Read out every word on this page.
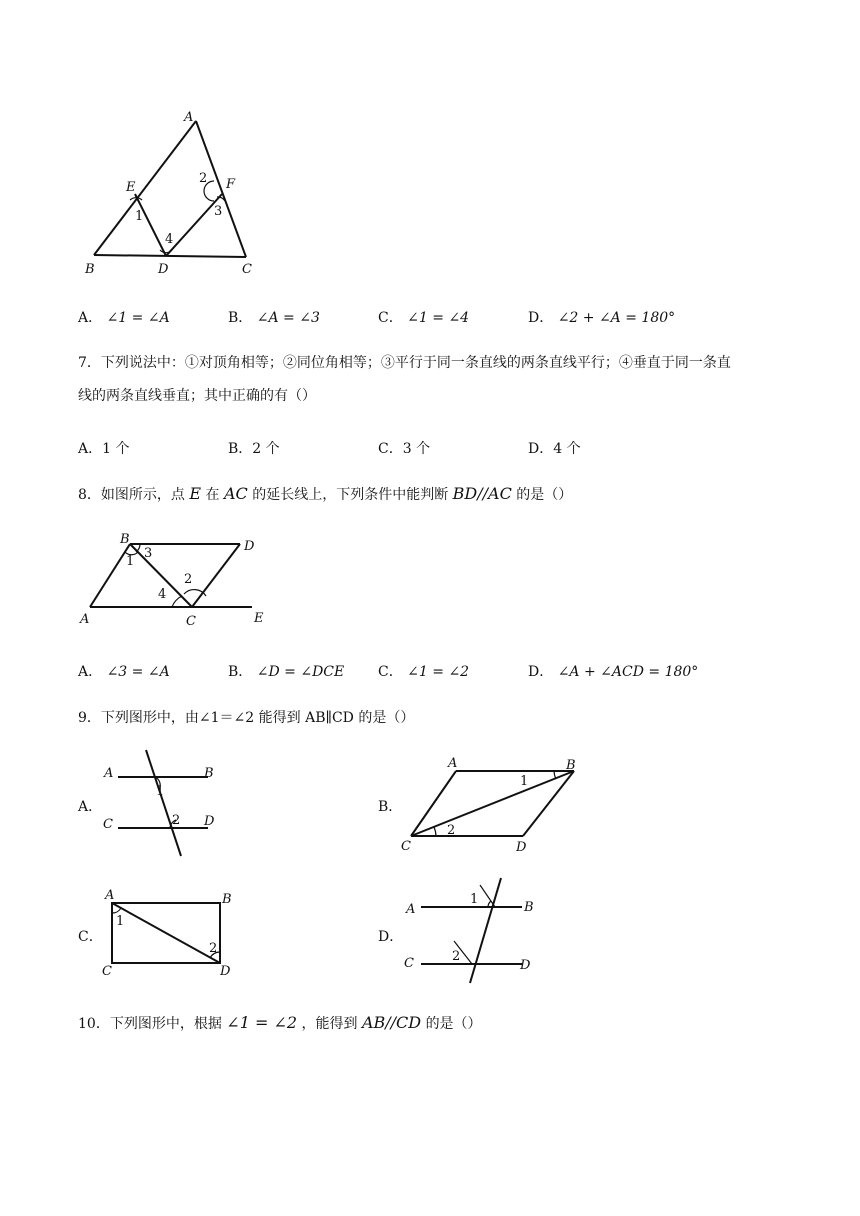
A
E	F
B	D	C
1
2
3
4
A． ∠1 = ∠A	B． ∠A = ∠3	C． ∠1 = ∠4	D． ∠2 + ∠A = 180°
7．下列说法中：①对顶角相等；②同位角相等；③平行于同一条直线的两条直线平行；④垂直于同一条直
线的两条直线垂直；其中正确的有（）
A．1 个	B．2 个	C．3 个	D．4 个
8．如图所示，点 E 在 AC 的延长线上，下列条件中能判断 BD//AC 的是（）
B	D
A	C	E
1
2
3
4
A． ∠3 = ∠A	B． ∠D = ∠DCE C． ∠1 = ∠2	D． ∠A + ∠ACD = 180°
9．下列图形中，由∠1＝∠2 能得到 AB∥CD 的是（）
A．
A	B
C	D
1
2
B．
A	B
C	D
1
2
C．
A	B
C	D
1
2
D．
A	B
C	D
1
2
10．下列图形中，根据 ∠1 = ∠2 ，能得到 AB//CD 的是（）
